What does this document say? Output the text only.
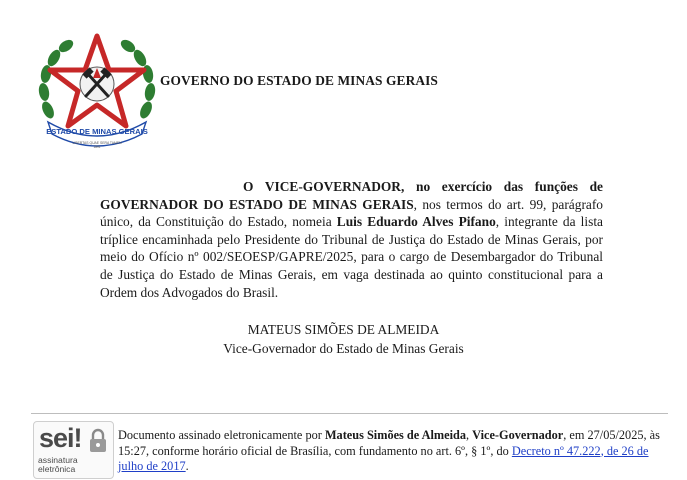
ESTADO DE MINAS GERAIS
LIBERTAS QUAE SERA TAMEN
1891
GOVERNO DO ESTADO DE MINAS GERAIS
O VICE-GOVERNADOR, no exercício das funções de GOVERNADOR DO ESTADO DE MINAS GERAIS, nos termos do art. 99, parágrafo único, da Constituição do Estado, nomeia Luis Eduardo Alves Pifano, integrante da lista tríplice encaminhada pelo Presidente do Tribunal de Justiça do Estado de Minas Gerais, por meio do Ofício nº 002/SEOESP/GAPRE/2025, para o cargo de Desembargador do Tribunal de Justiça do Estado de Minas Gerais, em vaga destinada ao quinto constitucional para a Ordem dos Advogados do Brasil.
MATEUS SIMÕES DE ALMEIDA
Vice-Governador do Estado de Minas Gerais
sei!
assinatura
eletrônica
Documento assinado eletronicamente por Mateus Simões de Almeida, Vice-Governador, em 27/05/2025, às 15:27, conforme horário oficial de Brasília, com fundamento no art. 6º, § 1º, do Decreto nº 47.222, de 26 de julho de 2017.
